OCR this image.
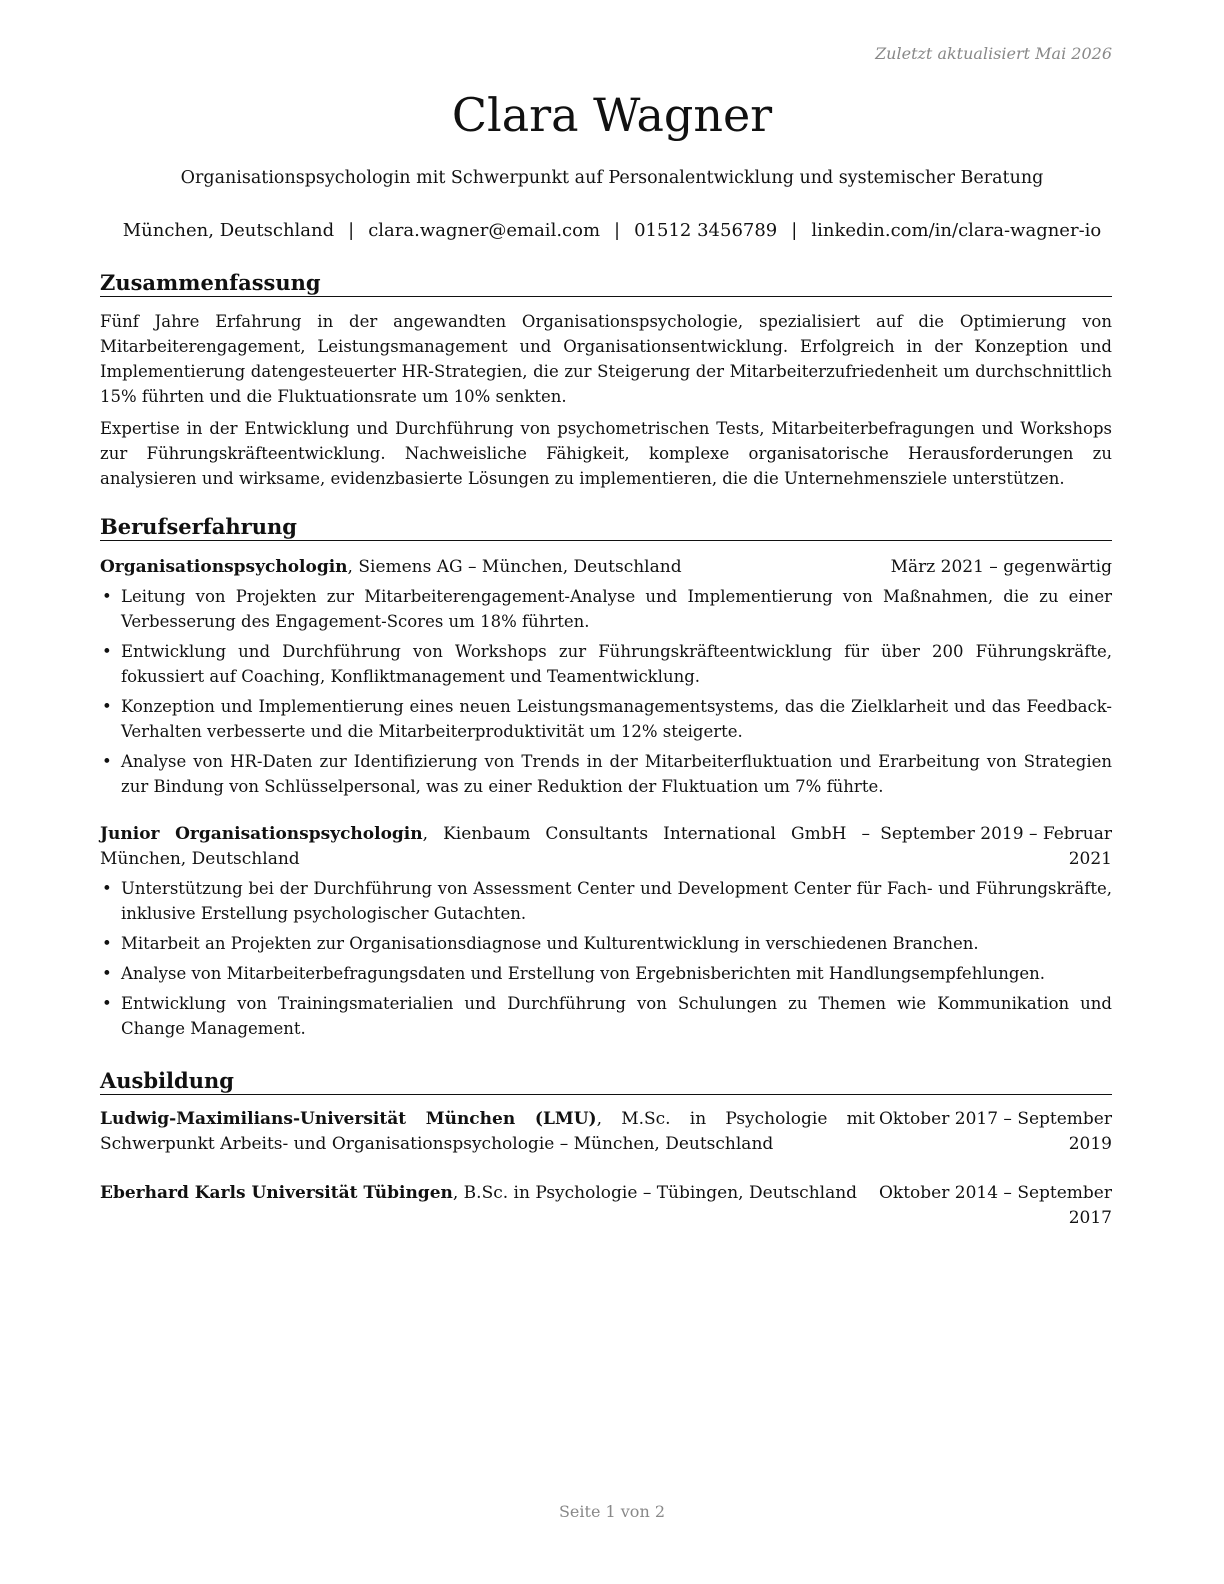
Zuletzt aktualisiert Mai 2026
Clara Wagner
Organisationspsychologin mit Schwerpunkt auf Personalentwicklung und systemischer Beratung
München, Deutschland | clara.wagner@email.com | 01512 3456789 | linkedin.com/in/clara-wagner-io
Zusammenfassung

Fünf Jahre Erfahrung in der angewandten Organisationspsychologie, spezialisiert auf die Optimierung von Mitarbeiterengagement, Leistungsmanagement und Organisationsentwicklung. Erfolgreich in der Konzeption und Implementierung datengesteuerter HR-Strategien, die zur Steigerung der Mitarbeiterzufriedenheit um durchschnittlich 15% führten und die Fluktuationsrate um 10% senkten.

Expertise in der Entwicklung und Durchführung von psychometrischen Tests, Mitarbeiterbefragungen und Workshops zur Führungskräfteentwicklung. Nachweisliche Fähigkeit, komplexe organisatorische Herausforderungen zu analysieren und wirksame, evidenzbasierte Lösungen zu implementieren, die die Unternehmensziele unterstützen.

Berufserfahrung
Organisationspsychologin, Siemens AG – München, Deutschland	März 2021 – gegenwärtig
• Leitung von Projekten zur Mitarbeiterengagement-Analyse und Implementierung von Maßnahmen, die zu einer Verbesserung des Engagement-Scores um 18% führten.
• Entwicklung und Durchführung von Workshops zur Führungskräfteentwicklung für über 200 Führungskräfte, fokussiert auf Coaching, Konfliktmanagement und Teamentwicklung.
• Konzeption und Implementierung eines neuen Leistungsmanagementsystems, das die Zielklarheit und das Feedback-Verhalten verbesserte und die Mitarbeiterproduktivität um 12% steigerte.
• Analyse von HR-Daten zur Identifizierung von Trends in der Mitarbeiterfluktuation und Erarbeitung von Strategien zur Bindung von Schlüsselpersonal, was zu einer Reduktion der Fluktuation um 7% führte.
Junior Organisationspsychologin, Kienbaum Consultants International GmbH – München, Deutschland
September 2019 – Februar 2021
• Unterstützung bei der Durchführung von Assessment Center und Development Center für Fach- und Führungskräfte, inklusive Erstellung psychologischer Gutachten.
• Mitarbeit an Projekten zur Organisationsdiagnose und Kulturentwicklung in verschiedenen Branchen.
• Analyse von Mitarbeiterbefragungsdaten und Erstellung von Ergebnisberichten mit Handlungsempfehlungen.
• Entwicklung von Trainingsmaterialien und Durchführung von Schulungen zu Themen wie Kommunikation und Change Management.
Ausbildung
Ludwig-Maximilians-Universität München (LMU), M.Sc. in Psychologie mit Schwerpunkt Arbeits- und Organisationspsychologie – München, Deutschland
Oktober 2017 – September 2019
Eberhard Karls Universität Tübingen, B.Sc. in Psychologie – Tübingen, Deutschland	Oktober 2014 – September 2017
Seite 1 von 2
